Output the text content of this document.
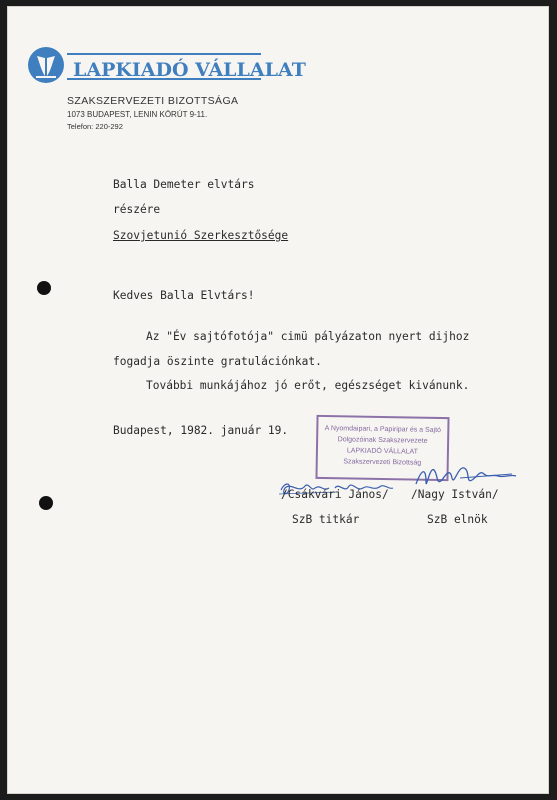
LAPKIADÓ VÁLLALAT
SZAKSZERVEZETI BIZOTTSÁGA
1073 BUDAPEST, LENIN KÖRÚT 9-11.
Telefon: 220-292
Balla Demeter elvtárs
részére
Szovjetunió Szerkesztősége
Kedves Balla Elvtárs!
Az "Év sajtófotója" cimü pályázaton nyert dijhoz
fogadja öszinte gratulációnkat.
További munkájához jó erőt, egészséget kivánunk.
Budapest, 1982. január 19.	A Nyomdaipari, a Papiripar és a Sajtó
Dolgozóinak Szakszervezete
LAPKIADÓ VÁLLALAT
Szakszervezeti Bizottság
/Csákvári János/ /Nagy István/
SzB titkár	SzB elnök
